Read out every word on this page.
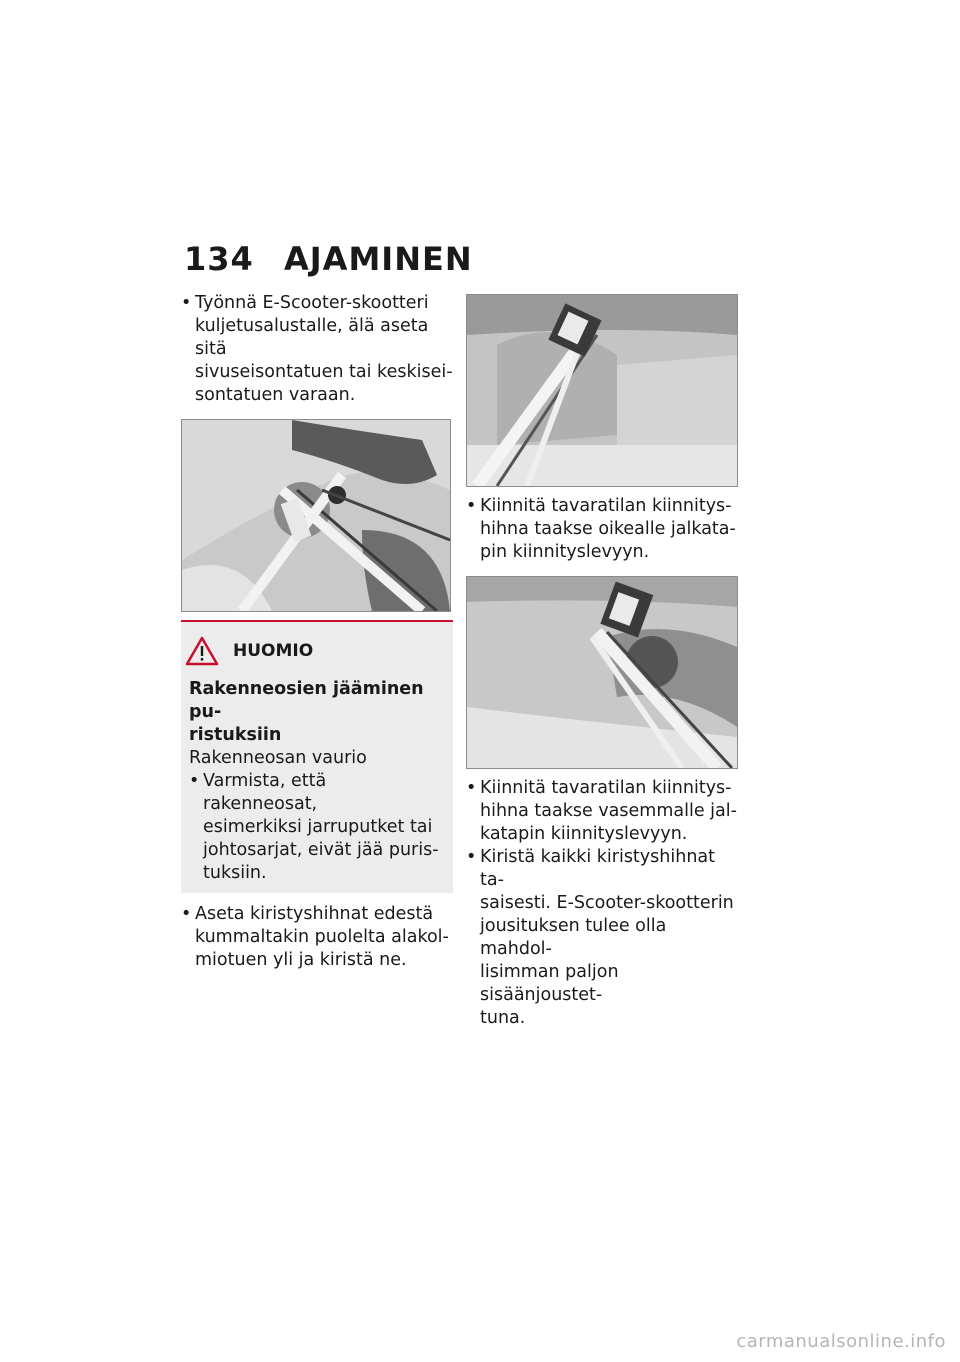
134 AJAMINEN
• Työnnä E-Scooter-skootteri
kuljetusalustalle, älä aseta sitä
sivuseisontatuen tai keskisei-
sontatuen varaan.
HUOMIO
Rakenneosien jääminen pu-
ristuksiin
Rakenneosan vaurio
• Varmista, että rakenneosat,
esimerkiksi jarruputket tai
johtosarjat, eivät jää puris-
tuksiin.
• Aseta kiristyshihnat edestä
kummaltakin puolelta alakol-
miotuen yli ja kiristä ne.
• Kiinnitä tavaratilan kiinnitys-
hihna taakse oikealle jalkata-
pin kiinnityslevyyn.
• Kiinnitä tavaratilan kiinnitys-
hihna taakse vasemmalle jal-
katapin kiinnityslevyyn.
• Kiristä kaikki kiristyshihnat ta-
saisesti. E-Scooter-skootterin
jousituksen tulee olla mahdol-
lisimman paljon sisäänjoustet-
tuna.
carmanualsonline.info
